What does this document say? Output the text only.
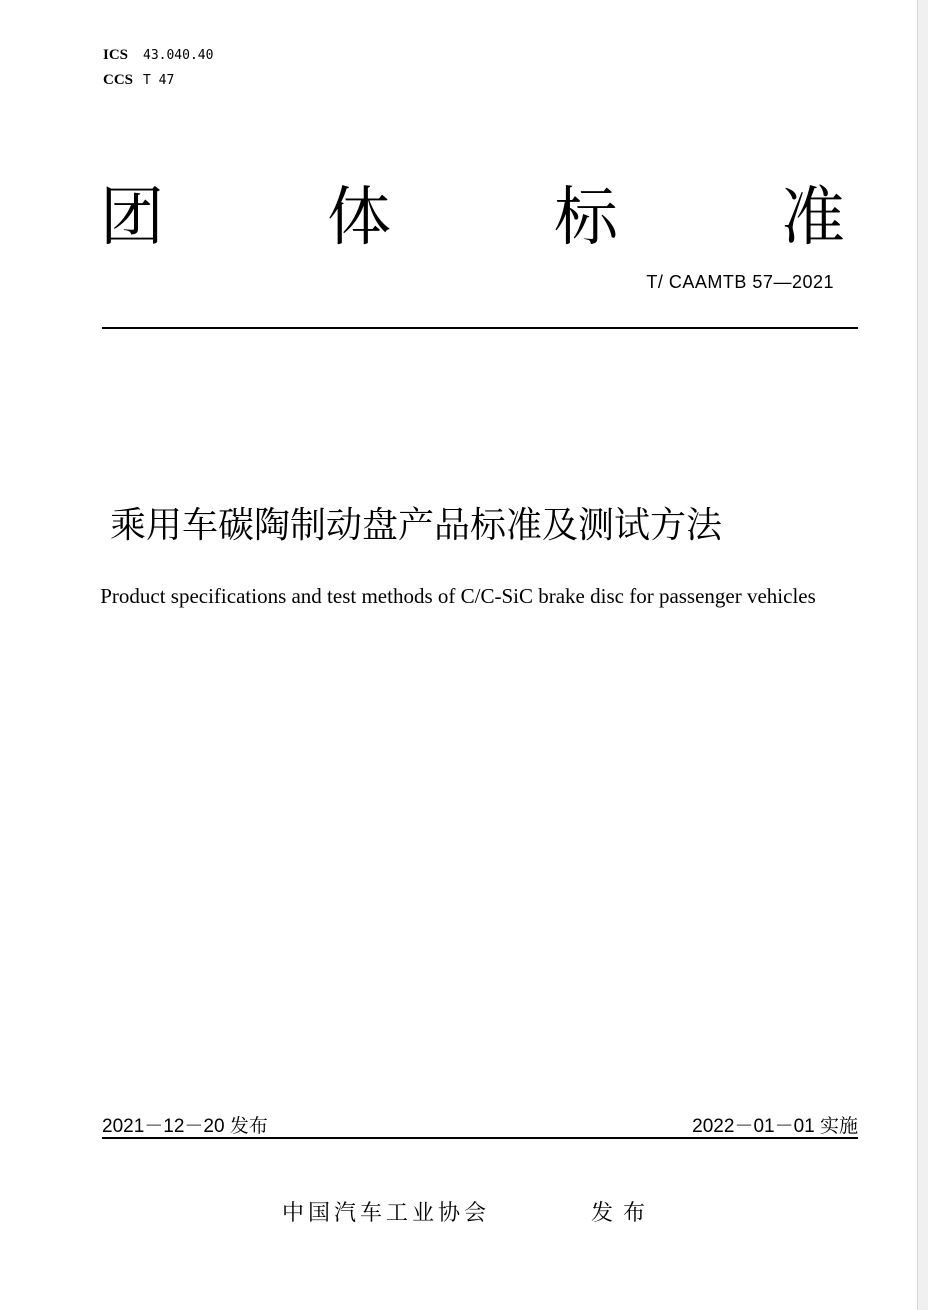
ICS	43.040.40
CCS T 47
团	体	标	准
T/ CAAMTB 57—2021
乘用车碳陶制动盘产品标准及测试方法
Product specifications and test methods of C/C-SiC brake disc for passenger vehicles
2021－12－20 发布	2022－01－01 实施
中国汽车工业协会	发布
